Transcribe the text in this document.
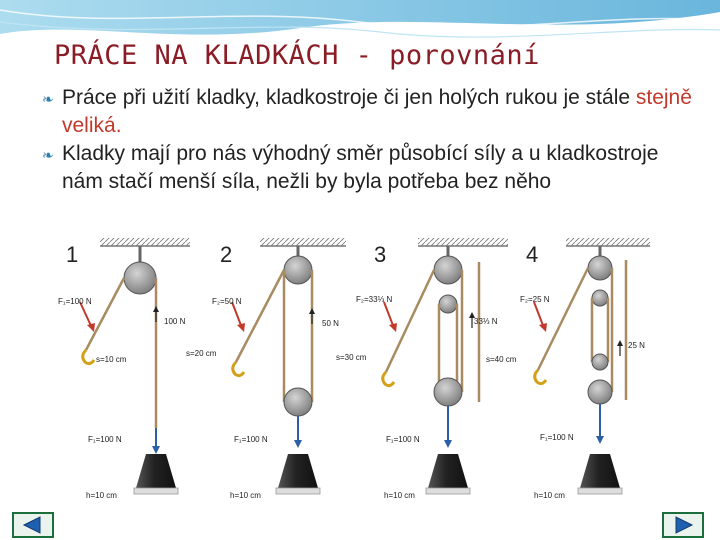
PRÁCE NA KLADKÁCH - porovnání
❧ Práce při užití kladky, kladkostroje či jen holých rukou je stále stejně veliká.
❧ Kladky mají pro nás výhodný směr působící síly a u kladkostroje nám stačí menší síla, nežli by byla potřeba bez něho
1
F₁=100 N
100 N
s=10 cm
F₁=100 N
h=10 cm
2
F₂=50 N
50 N
s=20 cm
F₁=100 N
h=10 cm
3
F₂=33⅓ N
33⅓ N
s=30 cm
F₁=100 N
h=10 cm
4
F₂=25 N
25 N
s=40 cm
F₁=100 N
h=10 cm
